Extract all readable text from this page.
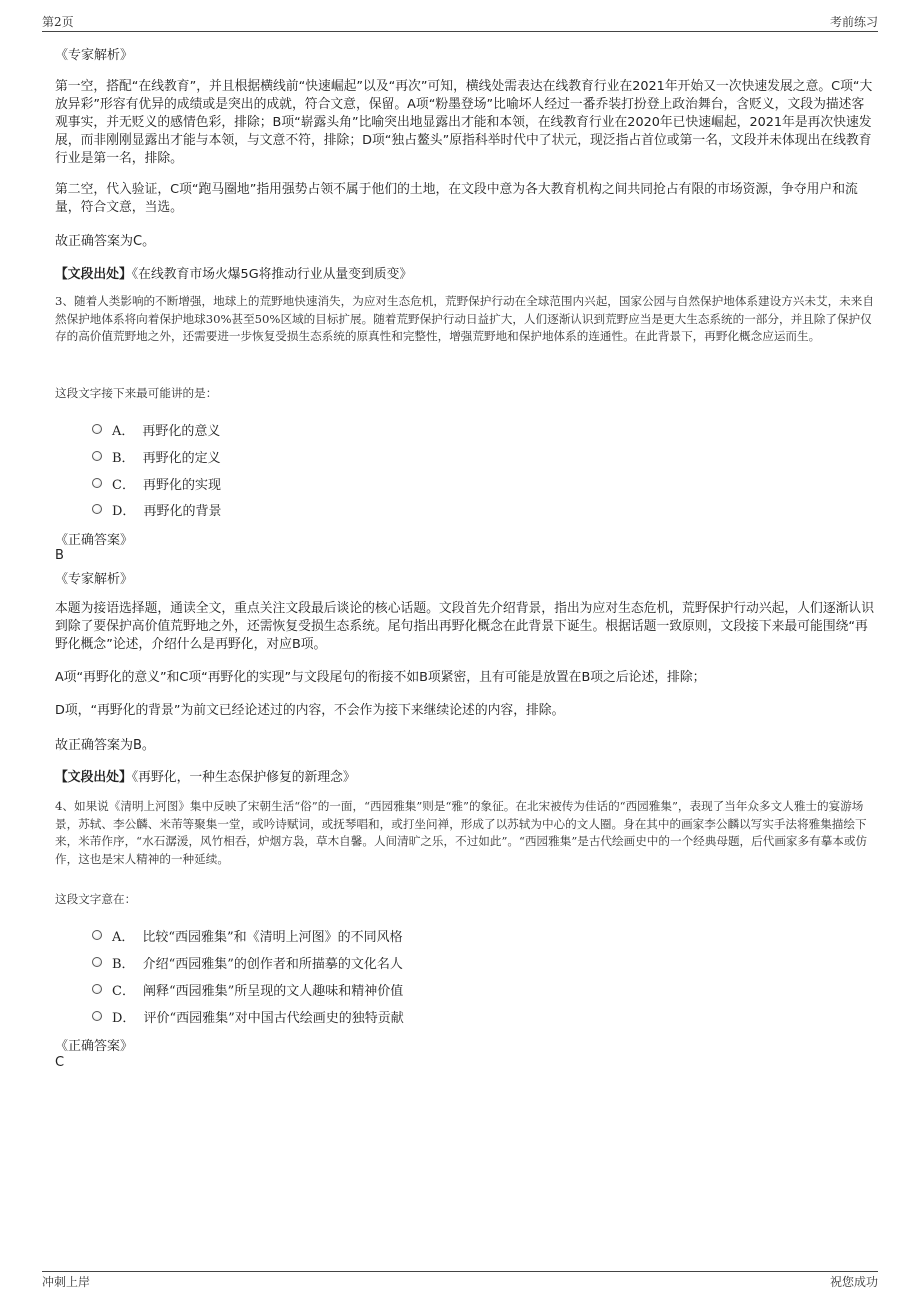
第2页	考前练习
《专家解析》

第一空，搭配“在线教育”，并且根据横线前“快速崛起”以及“再次”可知，横线处需表达在线教育行业在2021年开始又一次快速发展之意。C项“大放异彩”形容有优异的成绩或是突出的成就，符合文意，保留。A项“粉墨登场”比喻坏人经过一番乔装打扮登上政治舞台，含贬义，文段为描述客观事实，并无贬义的感情色彩，排除；B项“崭露头角”比喻突出地显露出才能和本领，在线教育行业在2020年已快速崛起，2021年是再次快速发展，而非刚刚显露出才能与本领，与文意不符，排除；D项“独占鳌头”原指科举时代中了状元，现泛指占首位或第一名，文段并未体现出在线教育行业是第一名，排除。

第二空，代入验证，C项“跑马圈地”指用强势占领不属于他们的土地，在文段中意为各大教育机构之间共同抢占有限的市场资源，争夺用户和流量，符合文意，当选。

故正确答案为C。
【文段出处】《在线教育市场火爆5G将推动行业从量变到质变》

3、随着人类影响的不断增强，地球上的荒野地快速消失，为应对生态危机，荒野保护行动在全球范围内兴起，国家公园与自然保护地体系建设方兴未艾，未来自然保护地体系将向着保护地球30%甚至50%区域的目标扩展。随着荒野保护行动日益扩大，人们逐渐认识到荒野应当是更大生态系统的一部分，并且除了保护仅存的高价值荒野地之外，还需要进一步恢复受损生态系统的原真性和完整性，增强荒野地和保护地体系的连通性。在此背景下，再野化概念应运而生。

这段文字接下来最可能讲的是：
A． 再野化的意义
B． 再野化的定义
C． 再野化的实现
D． 再野化的背景
《正确答案》
B
《专家解析》

本题为接语选择题，通读全文，重点关注文段最后谈论的核心话题。文段首先介绍背景，指出为应对生态危机，荒野保护行动兴起，人们逐渐认识到除了要保护高价值荒野地之外，还需恢复受损生态系统。尾句指出再野化概念在此背景下诞生。根据话题一致原则，文段接下来最可能围绕“再野化概念”论述，介绍什么是再野化，对应B项。

A项“再野化的意义”和C项“再野化的实现”与文段尾句的衔接不如B项紧密，且有可能是放置在B项之后论述，排除；

D项，“再野化的背景”为前文已经论述过的内容，不会作为接下来继续论述的内容，排除。

故正确答案为B。
【文段出处】《再野化，一种生态保护修复的新理念》

4、如果说《清明上河图》集中反映了宋朝生活“俗”的一面，“西园雅集”则是“雅”的象征。在北宋被传为佳话的“西园雅集”，表现了当年众多文人雅士的宴游场景，苏轼、李公麟、米芾等聚集一堂，或吟诗赋词，或抚琴唱和，或打坐问禅，形成了以苏轼为中心的文人圈。身在其中的画家李公麟以写实手法将雅集描绘下来，米芾作序，“水石潺湲，风竹相吞，炉烟方袅，草木自馨。人间清旷之乐，不过如此”。“西园雅集”是古代绘画史中的一个经典母题，后代画家多有摹本或仿作，这也是宋人精神的一种延续。

这段文字意在：
A． 比较“西园雅集”和《清明上河图》的不同风格
B． 介绍“西园雅集”的创作者和所描摹的文化名人
C． 阐释“西园雅集”所呈现的文人趣味和精神价值
D． 评价“西园雅集”对中国古代绘画史的独特贡献
《正确答案》
C
冲刺上岸	祝您成功
